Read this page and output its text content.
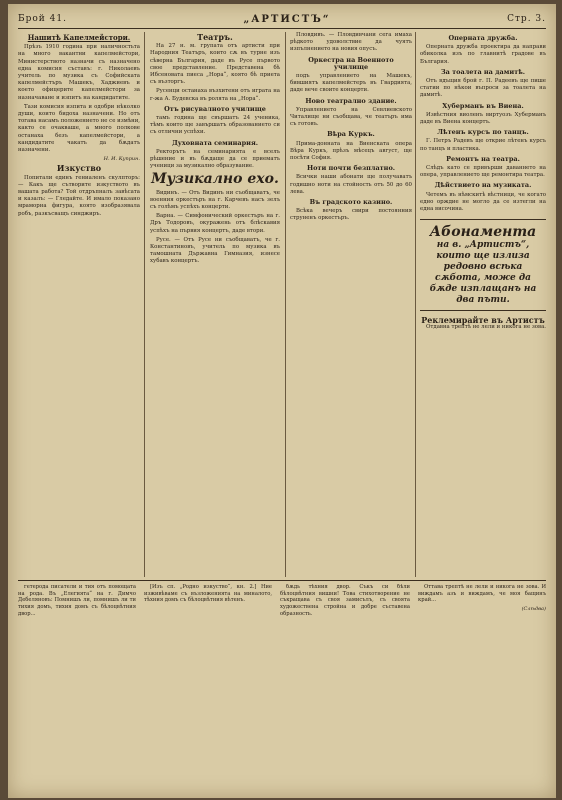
Брой 41.	„АРТИСТЪ“	Стр. 3.
Нашитѣ Капелмейстори.

Прѣзъ 1910 година при наличностьта на много вакантни капелмейстори, Министерството назначи съ назначено една комисия съставъ: г. Николаевъ учитель по музика съ Софийската капелмейстъръ Машекъ, Хаджиевъ и което офицерите капелмейстори за назначаване и изпитъ на кандидатите.

Тази комисия изпита и одобри нѣколко души, които бидоха назначени. Но отъ тогава насамъ положението не се измѣни, както се очакваше, а много полкове останаха безъ капелмейстори, а кандидатите чакатъ да бѫдатъ назначени.

Н. И. Куприн.
Изкуство

Попитали единъ гениаленъ скулпторъ: — Какъ ще сътворите изкуството въ вашата работа? Той отдръпналъ завѣсата и казалъ: — Гледайте. И имало показано мраморна фигура, която изобразявала робъ, разкъсващъ синджиръ.

Театръ.

На 27 н. м. групата отъ артисти при Народния Театъръ, които сѫ въ турне изъ сѣверна България, даде въ Русе първото свое представление. Представена бѣ Ибсеновата пиеса „Нора“, която бѣ приета съ възторгъ.

Русенци останаха възхитени отъ играта на г-жа А. Будевска въ ролята на „Нора“.

Отъ рисувалното училище

тамъ година ще свършатъ 24 ученика, тѣмъ които ще завършатъ образованието си съ отлични успѣхи.

Духовната семинария.

Ректорътъ на семинарията е вселъ рѣшение и въ бѫдаще да се приематъ ученици за музикално образувание.

Музикално ехо.

Видинъ. — Отъ Видинъ ни съобщаватъ, че военния оркестъръ на г. Карчевъ насъ зелъ съ голѣмъ успѣхъ концерти.

Варна. — Симфонический оркестъръ на г. Дръ Тодоровъ, окуражень отъ блѣскавия успѣхъ на първия концертъ, даде втори.

Русе. — Отъ Русе ни съобщаватъ, че г. Константиновъ, учитель по музика въ тамошната Държавна Гимназия, изнесе хубавъ концертъ.

Пловдивъ. — Пловдивчани сега имаха рѣдкото удоволствие да чуятъ изпълнението на новия опусъ.

Оркестра на Военното училище

подъ управлението на Машекъ, бившиятъ капелмейстеръ въ Гвардията, даде вече своите концерти.

Ново театрално здание.

Управлението на Севлиевското Читалище ни съобщава, че театъръ има съ готовъ.

Вѣра Куркъ.

Прима-донната на Виенската опера Вѣра Куркъ, прѣзъ мѣсецъ август, ще посѣти София.

Ноти почти безплатно.

Всички наши абонати ще получаватъ годишно ноти на стойность отъ 50 до 60 лева.

Въ градското казино.

Всѣка вечеръ свири постоянния струненъ оркестъръ.

Оперната дружба.

Оперната дружба проектира да направи обиколка изъ по главнитѣ градове въ България.

За тоалета на дамитѣ.

Отъ вдъщия брой г. П. Радеевъ ще пише статии по нѣкои въпроси за тоалета на дамитѣ.

Хуберманъ въ Виена.

Извѣстния виоленъ виртуозъ Хуберманъ даде въ Виена концертъ.

Лѣтенъ курсъ по танцъ.

Г. Петръ Радевъ ще открие лѣтенъ курсъ по танцъ и пластика.

Ремонтъ на театра.

Слѣдъ като се привърши даваннето на опера, управлението ще ремонтира театра.

Дѣйствието на музиката.

Четемъ въ нѣмскитѣ вѣстници, че когато едно орждие не могло да се изтегли на една височина.

Абонамента
на в. „Артистъ“, които ще излиза редовно всѣка сѫбота, може да бѫде изплащанъ на два пъти.
Реклемирайте въ Артистъ

Отдавна трептѣ не лели и никога не зова.

гетерода писатели и тия отъ помощата на рода. Въ „Елегията“ на г. Димчо Дебеляновъ: Помнишъ ли, помнишъ ли ти тихия домъ, тихия домъ съ бѣлоцвѣтния двор...

[Изъ сп. „Родно изкуство“, кн. 2.] Ние изживѣваме съ възложенията на миналото, тѣхния домъ съ бѣлоцвѣтния вѣтенъ.

бѫдь тѣхния двор. Съкъ си бѣли бѣлоцвѣтния вишни! Това стихотворение не съкращава съ своя замисълъ, съ своята художествена стройна и добре съставена образность.

Оттава трептѣ не лели и никога не зова. И виждамъ азъ и виждамъ, че моя бащинъ край...

(Слѣдва)
